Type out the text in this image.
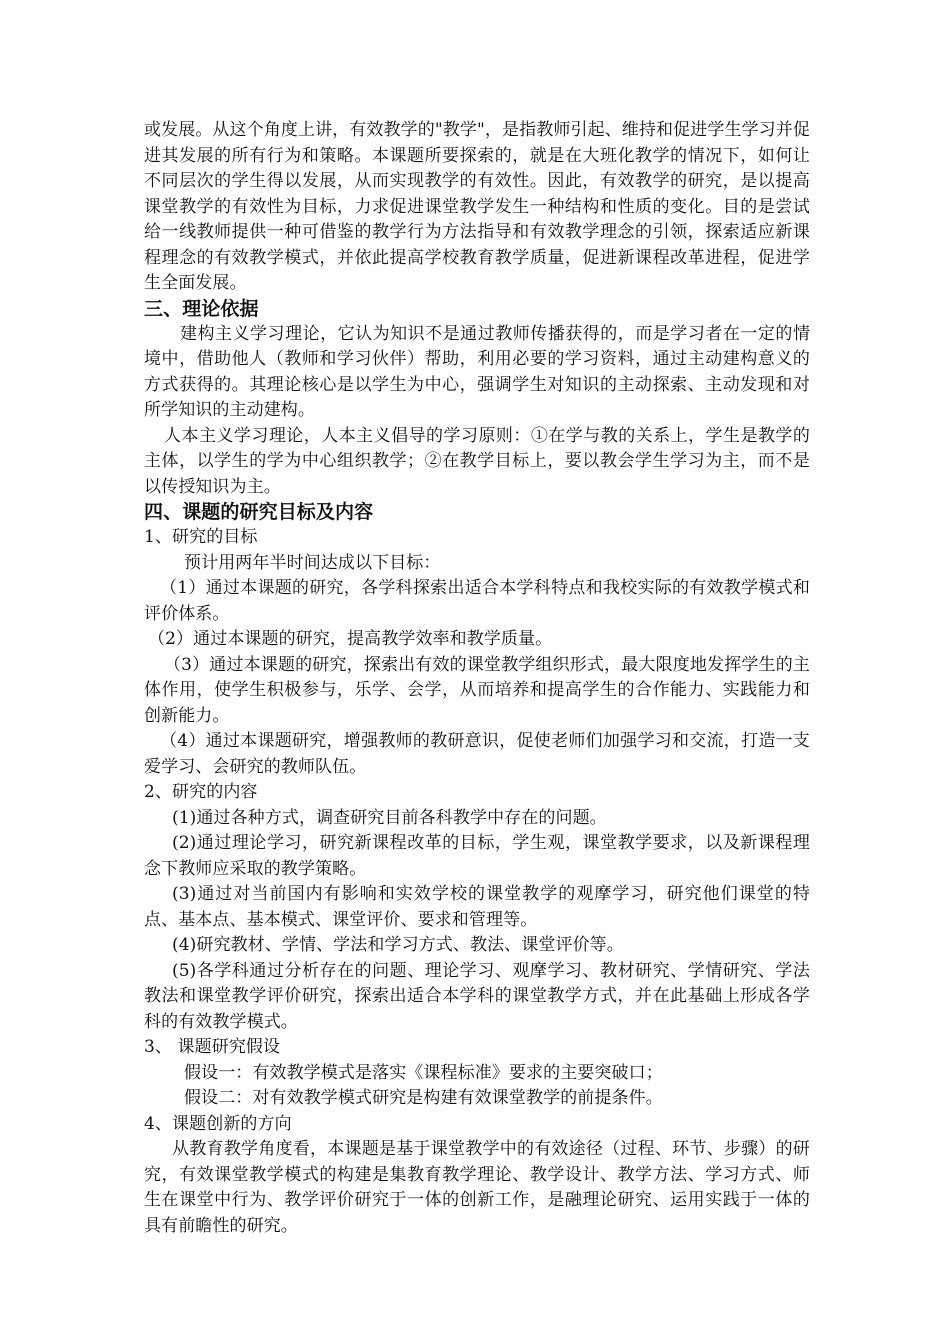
或发展。从这个角度上讲，有效教学的"教学"，是指教师引起、维持和促进学生学习并促进其发展的所有行为和策略。本课题所要探索的，就是在大班化教学的情况下，如何让不同层次的学生得以发展，从而实现教学的有效性。因此，有效教学的研究，是以提高课堂教学的有效性为目标，力求促进课堂教学发生一种结构和性质的变化。目的是尝试给一线教师提供一种可借鉴的教学行为方法指导和有效教学理念的引领，探索适应新课程理念的有效教学模式，并依此提高学校教育教学质量，促进新课程改革进程，促进学生全面发展。

三、理论依据

建构主义学习理论，它认为知识不是通过教师传播获得的，而是学习者在一定的情境中，借助他人（教师和学习伙伴）帮助，利用必要的学习资料，通过主动建构意义的方式获得的。其理论核心是以学生为中心，强调学生对知识的主动探索、主动发现和对所学知识的主动建构。

人本主义学习理论，人本主义倡导的学习原则：①在学与教的关系上，学生是教学的主体，以学生的学为中心组织教学；②在教学目标上，要以教会学生学习为主，而不是以传授知识为主。

四、课题的研究目标及内容

1、研究的目标

预计用两年半时间达成以下目标：

（1）通过本课题的研究，各学科探索出适合本学科特点和我校实际的有效教学模式和评价体系。

（2）通过本课题的研究，提高教学效率和教学质量。

（3）通过本课题的研究，探索出有效的课堂教学组织形式，最大限度地发挥学生的主体作用，使学生积极参与，乐学、会学，从而培养和提高学生的合作能力、实践能力和创新能力。

（4）通过本课题研究，增强教师的教研意识，促使老师们加强学习和交流，打造一支爱学习、会研究的教师队伍。

2、研究的内容

(1)通过各种方式，调查研究目前各科教学中存在的问题。

(2)通过理论学习，研究新课程改革的目标，学生观，课堂教学要求，以及新课程理念下教师应采取的教学策略。

(3)通过对当前国内有影响和实效学校的课堂教学的观摩学习，研究他们课堂的特点、基本点、基本模式、课堂评价、要求和管理等。

(4)研究教材、学情、学法和学习方式、教法、课堂评价等。

(5)各学科通过分析存在的问题、理论学习、观摩学习、教材研究、学情研究、学法教法和课堂教学评价研究，探索出适合本学科的课堂教学方式，并在此基础上形成各学科的有效教学模式。

3、 课题研究假设

假设一：有效教学模式是落实《课程标准》要求的主要突破口；

假设二：对有效教学模式研究是构建有效课堂教学的前提条件。

4、课题创新的方向

从教育教学角度看，本课题是基于课堂教学中的有效途径（过程、环节、步骤）的研究，有效课堂教学模式的构建是集教育教学理论、教学设计、教学方法、学习方式、师生在课堂中行为、教学评价研究于一体的创新工作，是融理论研究、运用实践于一体的具有前瞻性的研究。
